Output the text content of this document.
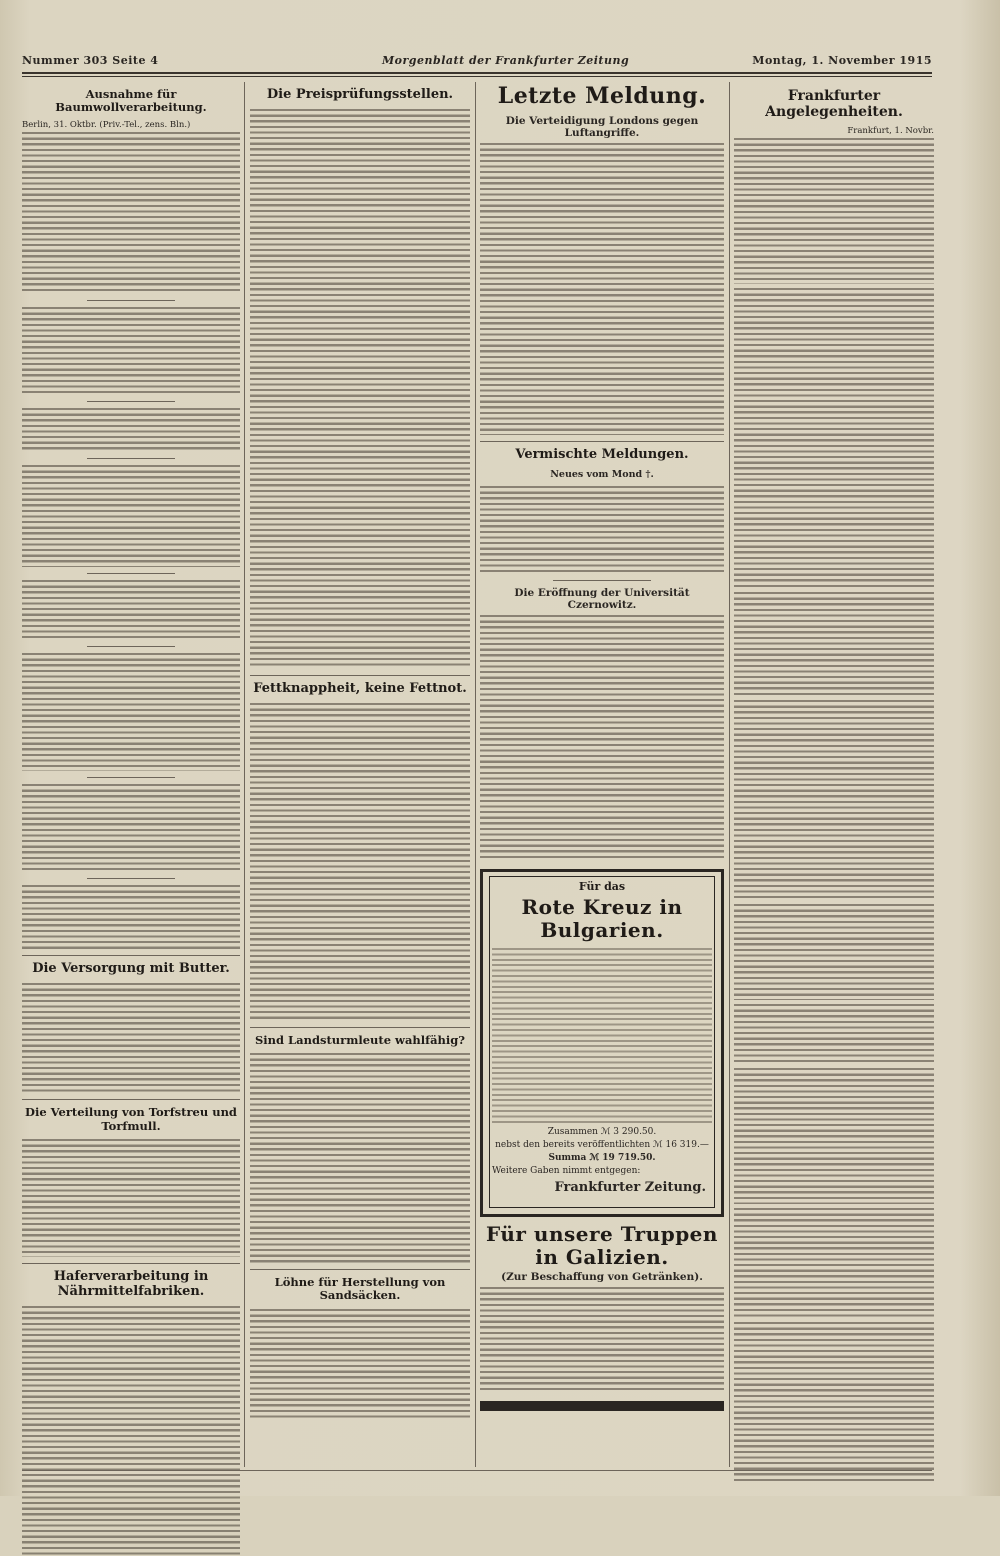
Nummer 303 Seite 4	Morgenblatt der Frankfurter Zeitung	Montag, 1. November 1915
Ausnahme für Baumwollverarbeitung.
Berlin, 31. Oktbr. (Priv.-Tel., zens. Bln.)
Die Versorgung mit Butter.
Die Verteilung von Torfstreu und Torfmull.
Haferverarbeitung in Nährmittelfabriken.
Die Preisprüfungsstellen.
Fettknappheit, keine Fettnot.
Sind Landsturmleute wahlfähig?
Löhne für Herstellung von Sandsäcken.
Letzte Meldung.
Die Verteidigung Londons gegen Luftangriffe.
Vermischte Meldungen.
Neues vom Mond †.
Die Eröffnung der Universität Czernowitz.
Für das
Rote Kreuz in Bulgarien.
Zusammen ℳ 3 290.50.
nebst den bereits veröffentlichten ℳ 16 319.—
Summa ℳ 19 719.50.
Weitere Gaben nimmt entgegen:
Frankfurter Zeitung.
Für unsere Truppen in Galizien.
(Zur Beschaffung von Getränken).
Frankfurter Angelegenheiten.
Frankfurt, 1. Novbr.
